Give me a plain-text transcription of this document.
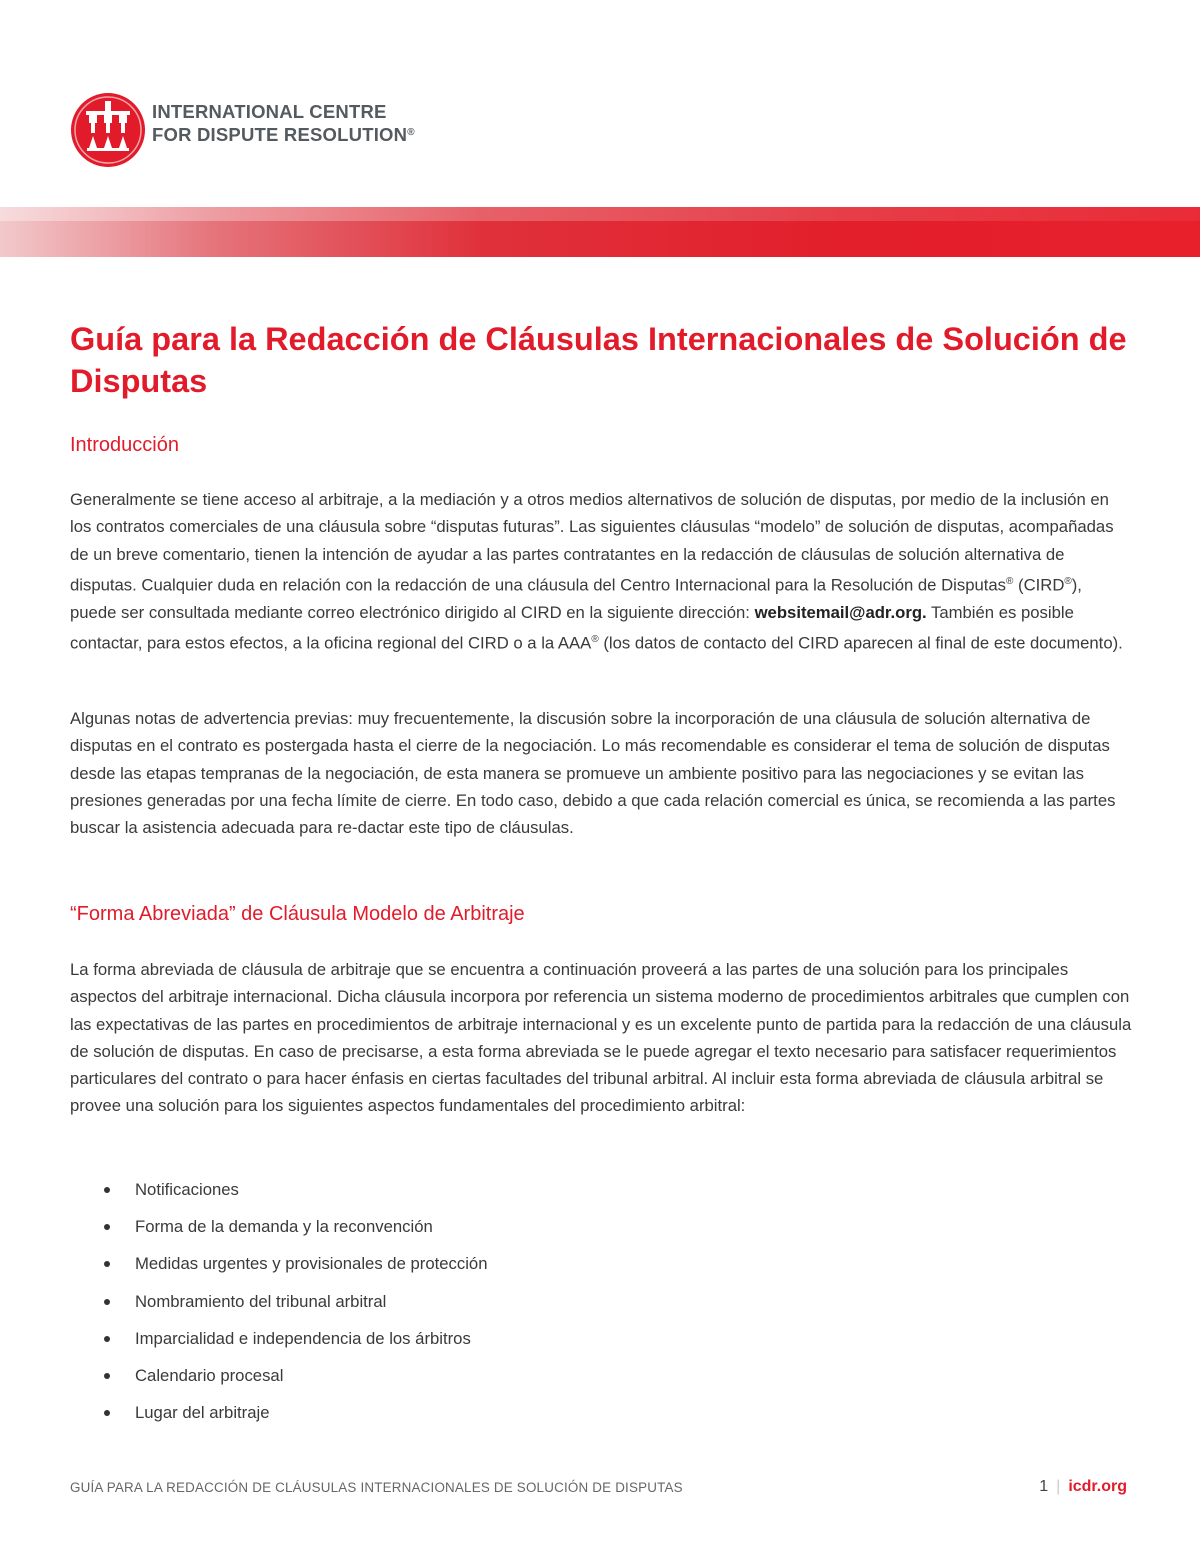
INTERNATIONAL CENTRE
FOR DISPUTE RESOLUTION®
Guía para la Redacción de Cláusulas Internacionales de Solución de Disputas
Introducción

Generalmente se tiene acceso al arbitraje, a la mediación y a otros medios alternativos de solución de disputas, por medio de la inclusión en los contratos comerciales de una cláusula sobre “disputas futuras”. Las siguientes cláusulas “modelo” de solución de disputas, acompañadas de un breve comentario, tienen la intención de ayudar a las partes contratantes en la redacción de cláusulas de solución alternativa de disputas. Cualquier duda en relación con la redacción de una cláusula del Centro Internacional para la Resolución de Disputas® (CIRD®), puede ser consultada mediante correo electrónico dirigido al CIRD en la siguiente dirección: websitemail@adr.org. También es posible contactar, para estos efectos, a la oficina regional del CIRD o a la AAA® (los datos de contacto del CIRD aparecen al final de este documento).

Algunas notas de advertencia previas: muy frecuentemente, la discusión sobre la incorporación de una cláusula de solución alternativa de disputas en el contrato es postergada hasta el cierre de la negociación. Lo más recomendable es considerar el tema de solución de disputas desde las etapas tempranas de la negociación, de esta manera se promueve un ambiente positivo para las negociaciones y se evitan las presiones generadas por una fecha límite de cierre. En todo caso, debido a que cada relación comercial es única, se recomienda a las partes buscar la asistencia adecuada para re-dactar este tipo de cláusulas.

“Forma Abreviada” de Cláusula Modelo de Arbitraje

La forma abreviada de cláusula de arbitraje que se encuentra a continuación proveerá a las partes de una solución para los principales aspectos del arbitraje internacional. Dicha cláusula incorpora por referencia un sistema moderno de procedimientos arbitrales que cumplen con las expectativas de las partes en procedimientos de arbitraje internacional y es un excelente punto de partida para la redacción de una cláusula de solución de disputas. En caso de precisarse, a esta forma abreviada se le puede agregar el texto necesario para satisfacer requerimientos particulares del contrato o para hacer énfasis en ciertas facultades del tribunal arbitral. Al incluir esta forma abreviada de cláusula arbitral se provee una solución para los siguientes aspectos fundamentales del procedimiento arbitral:

Notificaciones
Forma de la demanda y la reconvención
Medidas urgentes y provisionales de protección
Nombramiento del tribunal arbitral
Imparcialidad e independencia de los árbitros
Calendario procesal
Lugar del arbitraje
GUÍA PARA LA REDACCIÓN DE CLÁUSULAS INTERNACIONALES DE SOLUCIÓN DE DISPUTAS	1 | icdr.org
